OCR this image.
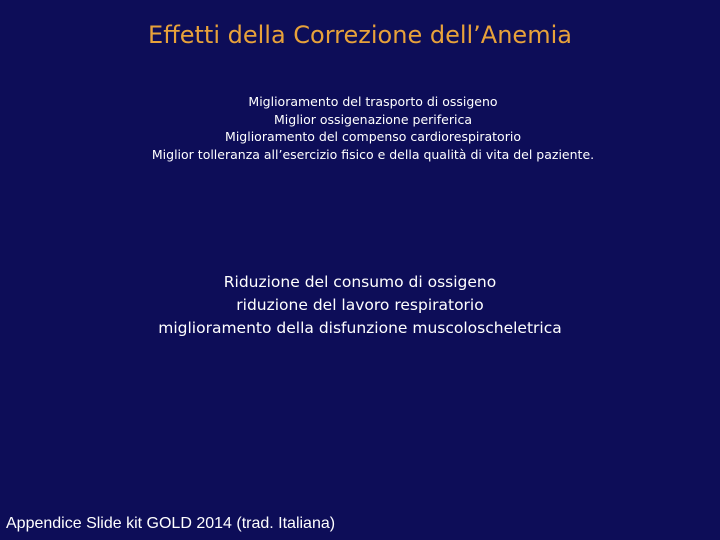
Effetti della Correzione dell’Anemia
Miglioramento del trasporto di ossigeno
Miglior ossigenazione periferica
Miglioramento del compenso cardiorespiratorio
Miglior tolleranza all’esercizio fisico e della qualità di vita del paziente.
Riduzione del consumo di ossigeno
riduzione del lavoro respiratorio
miglioramento della disfunzione muscoloscheletrica
Appendice Slide kit GOLD 2014 (trad. Italiana)
